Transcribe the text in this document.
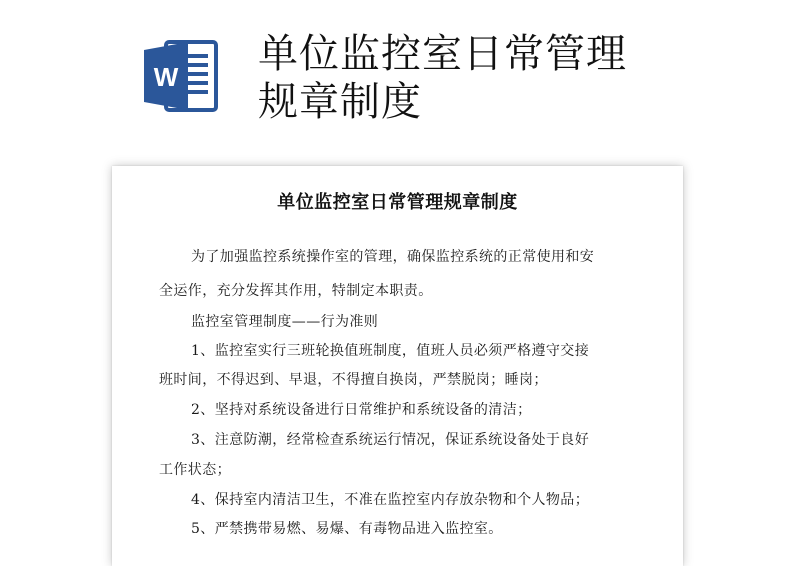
W 单位监控室日常管理
规章制度
单位监控室日常管理规章制度
为了加强监控系统操作室的管理，确保监控系统的正常使用和安
全运作，充分发挥其作用，特制定本职责。
监控室管理制度——行为准则
1、监控室实行三班轮换值班制度，值班人员必须严格遵守交接
班时间，不得迟到、早退，不得擅自换岗，严禁脱岗；睡岗；
2、坚持对系统设备进行日常维护和系统设备的清洁；
3、注意防潮，经常检查系统运行情况，保证系统设备处于良好
工作状态；
4、保持室内清洁卫生，不准在监控室内存放杂物和个人物品；
5、严禁携带易燃、易爆、有毒物品进入监控室。
